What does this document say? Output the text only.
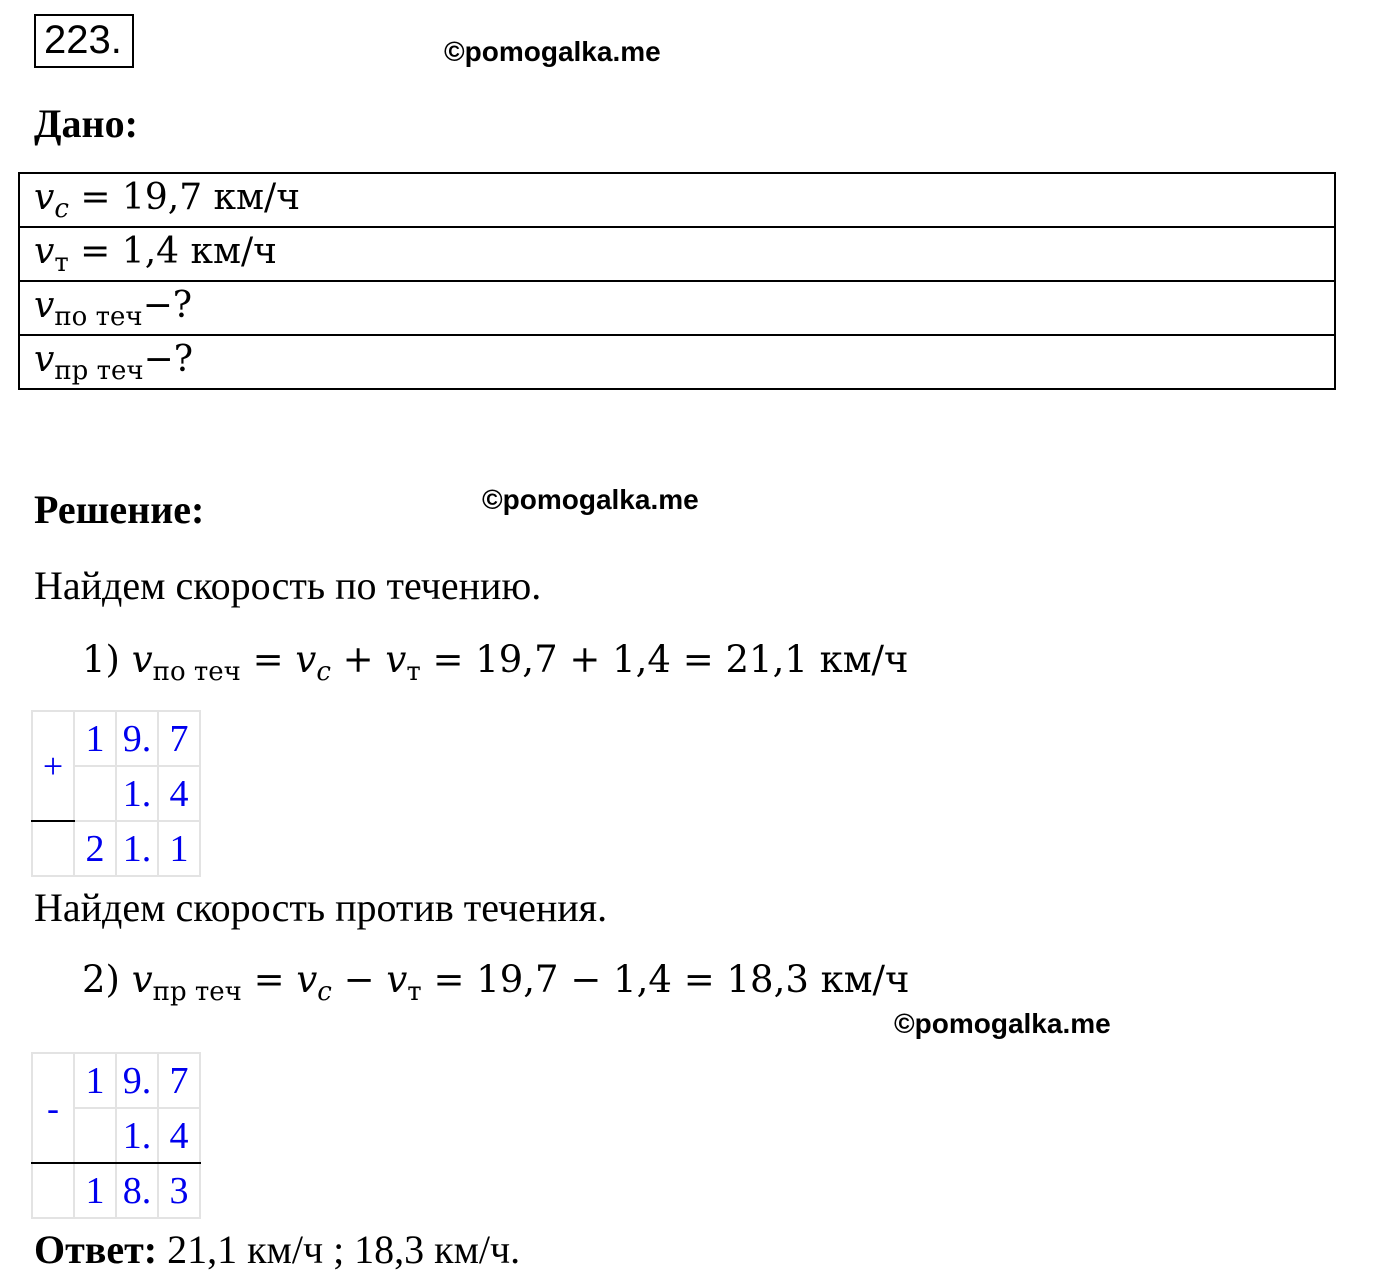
223.	©pomogalka.me
Дано:
$v_c = 19,7$ км/ч
$v_т = 1,4$ км/ч
$v_{по теч}-$?
$v_{пр теч}-$?
Решение:	©pomogalka.me
Найдем скорость по течению.
1) $v_{по теч} = v_c + v_т = 19,7 + 1,4 = 21,1$ км/ч
+	1	9.	7
		1.	4
	2	1.	1
Найдем скорость против течения.
2) $v_{пр теч} = v_c - v_т = 19,7 - 1,4 = 18,3$ км/ч
©pomogalka.me
-	1	9.	7
		1.	4
	1	8.	3
Ответ: 21,1 км/ч ; 18,3 км/ч.
